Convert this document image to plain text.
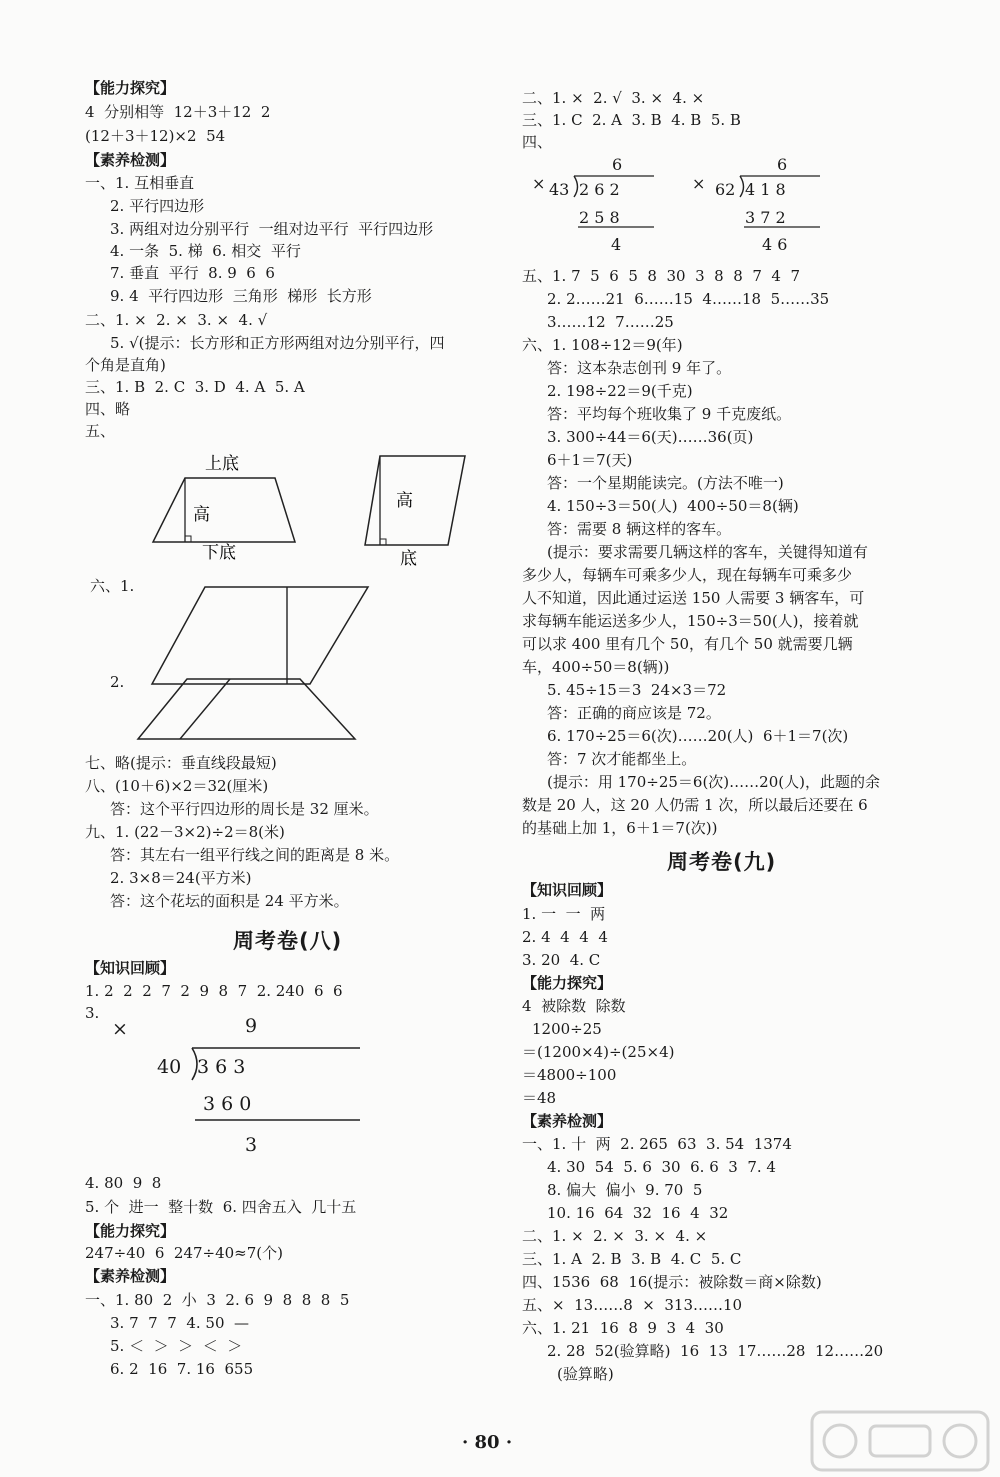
【能力探究】
4  分别相等  12＋3＋12  2
(12＋3＋12)×2  54
【素养检测】
一、1. 互相垂直
2. 平行四边形
3. 两组对边分别平行  一组对边平行  平行四边形
4. 一条  5. 梯  6. 相交  平行
7. 垂直  平行  8. 9  6  6
9. 4  平行四边形  三角形  梯形  长方形
二、1. ×  2. ×  3. ×  4. √
5. √(提示：长方形和正方形两组对边分别平行，四
个角是直角)
三、1. B  2. C  3. D  4. A  5. A
四、略
五、
上底
高
下底
高
底
六、1.
2.
七、略(提示：垂直线段最短)
八、(10＋6)×2＝32(厘米)
答：这个平行四边形的周长是 32 厘米。
九、1. (22－3×2)÷2＝8(米)
答：其左右一组平行线之间的距离是 8 米。
2. 3×8＝24(平方米)
答：这个花坛的面积是 24 平方米。
周考卷(八)
【知识回顾】
1. 2  2  2  7  2  9  8  7  2. 240  6  6
3.
×	9
40 3 6 3
3 6 0
3
4. 80  9  8
5. 个  进一  整十数  6. 四舍五入  几十五
【能力探究】
247÷40  6  247÷40≈7(个)
【素养检测】
一、1. 80  2  小  3  2. 6  9  8  8  8  5
3. 7  7  7  4. 50  —
5. ＜  ＞  ＞  ＜  ＞
6. 2  16  7. 16  655
二、1. ×  2. √  3. ×  4. ×
三、1. C  2. A  3. B  4. B  5. B
四、
×
6
43 2 6 2
2 5 8
4
×
6
62 4 1 8
3 7 2
4 6
五、1. 7  5  6  5  8  30  3  8  8  7  4  7
2. 2……21  6……15  4……18  5……35
3……12  7……25
六、1. 108÷12＝9(年)
答：这本杂志创刊 9 年了。
2. 198÷22＝9(千克)
答：平均每个班收集了 9 千克废纸。
3. 300÷44＝6(天)……36(页)
6＋1＝7(天)
答：一个星期能读完。(方法不唯一)
4. 150÷3＝50(人)  400÷50＝8(辆)
答：需要 8 辆这样的客车。
(提示：要求需要几辆这样的客车，关键得知道有
多少人，每辆车可乘多少人，现在每辆车可乘多少
人不知道，因此通过运送 150 人需要 3 辆客车，可
求每辆车能运送多少人，150÷3＝50(人)，接着就
可以求 400 里有几个 50，有几个 50 就需要几辆
车，400÷50＝8(辆))
5. 45÷15＝3  24×3＝72
答：正确的商应该是 72。
6. 170÷25＝6(次)……20(人)  6＋1＝7(次)
答：7 次才能都坐上。
(提示：用 170÷25＝6(次)……20(人)，此题的余
数是 20 人，这 20 人仍需 1 次，所以最后还要在 6
的基础上加 1，6＋1＝7(次))
周考卷(九)
【知识回顾】
1. 一  一  两
2. 4  4  4  4
3. 20  4. C
【能力探究】
4  被除数  除数
1200÷25
＝(1200×4)÷(25×4)
＝4800÷100
＝48
【素养检测】
一、1. 十  两  2. 265  63  3. 54  1374
4. 30  54  5. 6  30  6. 6  3  7. 4
8. 偏大  偏小  9. 70  5
10. 16  64  32  16  4  32
二、1. ×  2. ×  3. ×  4. ×
三、1. A  2. B  3. B  4. C  5. C
四、1536  68  16(提示：被除数＝商×除数)
五、×  13……8  ×  313……10
六、1. 21  16  8  9  3  4  30
2. 28  52(验算略)  16  13  17……28  12……20
(验算略)
· 80 ·
